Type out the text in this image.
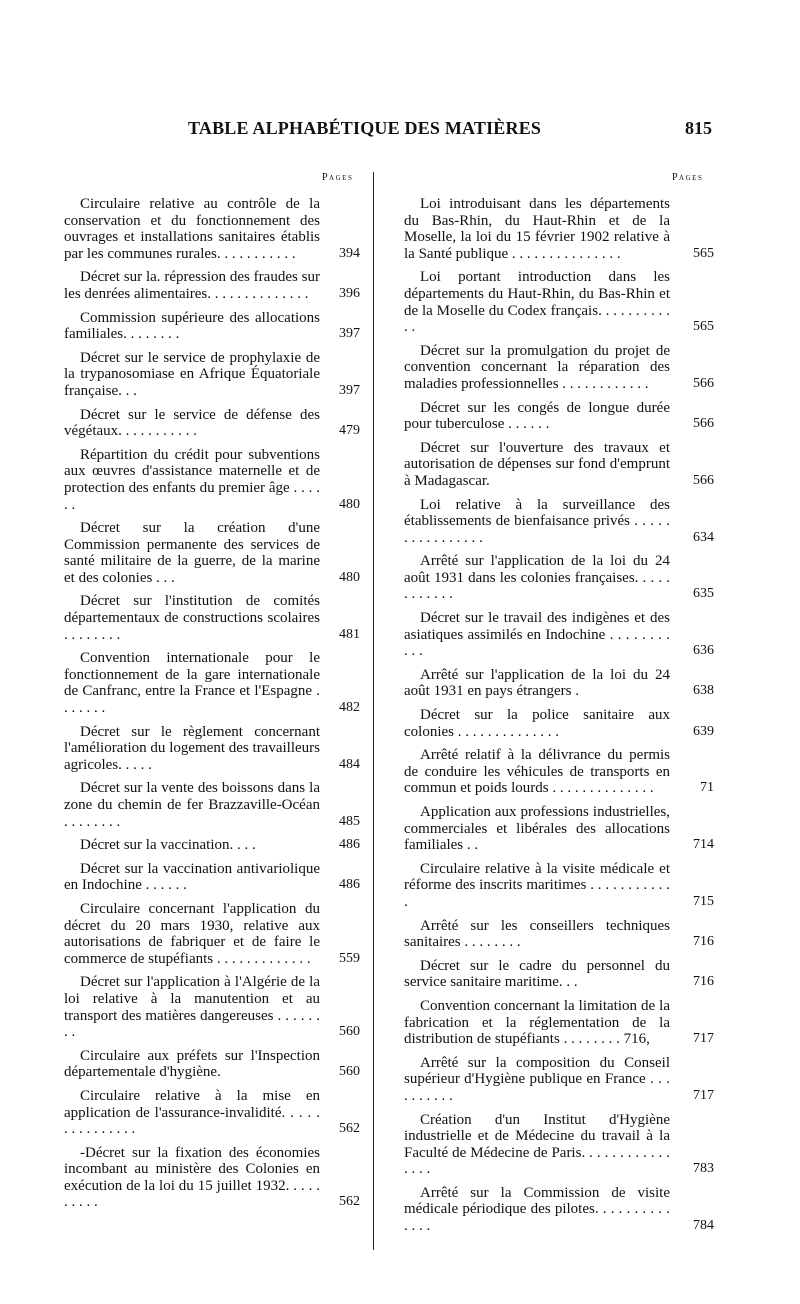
TABLE ALPHABÉTIQUE DES MATIÈRES	815
Pages	Pages
Circulaire relative au contrôle de la conservation et du fonctionnement des ouvrages et installations sanitaires établis par les communes rurales. . . . . . . . . . .	394
Décret sur la. répression des fraudes sur les denrées alimentaires. . . . . . . . . . . . . .	396
Commission supérieure des allocations familiales. . . . . . . .	397
Décret sur le service de prophylaxie de la trypanosomiase en Afrique Équatoriale française. . .	397
Décret sur le service de défense des végétaux. . . . . . . . . . .	479
Répartition du crédit pour subventions aux œuvres d'assistance maternelle et de protection des enfants du premier âge . . . . . .	480
Décret sur la création d'une Commission permanente des services de santé militaire de la guerre, de la marine et des colonies . . .	480
Décret sur l'institution de comités départementaux de constructions scolaires . . . . . . . .	481
Convention internationale pour le fonctionnement de la gare internationale de Canfranc, entre la France et l'Espagne . . . . . . .	482
Décret sur le règlement concernant l'amélioration du logement des travailleurs agricoles. . . . .	484
Décret sur la vente des boissons dans la zone du chemin de fer Brazzaville-Océan . . . . . . . .	485
Décret sur la vaccination. . . .	486
Décret sur la vaccination antivariolique en Indochine . . . . . .	486
Circulaire concernant l'application du décret du 20 mars 1930, relative aux autorisations de fabriquer et de faire le commerce de stupéfiants . . . . . . . . . . . . .	559
Décret sur l'application à l'Algérie de la loi relative à la manutention et au transport des matières dangereuses . . . . . . . .	560
Circulaire aux préfets sur l'Inspection départementale d'hygiène.	560
Circulaire relative à la mise en application de l'assurance-invalidité. . . . . . . . . . . . . . .	562
-Décret sur la fixation des économies incombant au ministère des Colonies en exécution de la loi du 15 juillet 1932. . . . . . . . . .	562
Loi introduisant dans les départements du Bas-Rhin, du Haut-Rhin et de la Moselle, la loi du 15 février 1902 relative à la Santé publique . . . . . . . . . . . . . . .	565
Loi portant introduction dans les départements du Haut-Rhin, du Bas-Rhin et de la Moselle du Codex français. . . . . . . . . . . .	565
Décret sur la promulgation du projet de convention concernant la réparation des maladies professionnelles . . . . . . . . . . . .	566
Décret sur les congés de longue durée pour tuberculose . . . . . .	566
Décret sur l'ouverture des travaux et autorisation de dépenses sur fond d'emprunt à Madagascar.	566
Loi relative à la surveillance des établissements de bienfaisance privés . . . . . . . . . . . . . . . .	634
Arrêté sur l'application de la loi du 24 août 1931 dans les colonies françaises. . . . . . . . . . . .	635
Décret sur le travail des indigènes et des asiatiques assimilés en Indochine . . . . . . . . . . .	636
Arrêté sur l'application de la loi du 24 août 1931 en pays étrangers .	638
Décret sur la police sanitaire aux colonies . . . . . . . . . . . . . .	639
Arrêté relatif à la délivrance du permis de conduire les véhicules de transports en commun et poids lourds . . . . . . . . . . . . . .	71
Application aux professions industrielles, commerciales et libérales des allocations familiales . .	714
Circulaire relative à la visite médicale et réforme des inscrits maritimes . . . . . . . . . . . .	715
Arrêté sur les conseillers techniques sanitaires . . . . . . . .	716
Décret sur le cadre du personnel du service sanitaire maritime. . .	716
Convention concernant la limitation de la fabrication et la réglementation de la distribution de stupéfiants . . . . . . . . 716,	717
Arrêté sur la composition du Conseil supérieur d'Hygiène publique en France . . . . . . . . . .	717
Création d'un Institut d'Hygiène industrielle et de Médecine du travail à la Faculté de Médecine de Paris. . . . . . . . . . . . . . . .	783
Arrêté sur la Commission de visite médicale périodique des pilotes. . . . . . . . . . . . . .	784
